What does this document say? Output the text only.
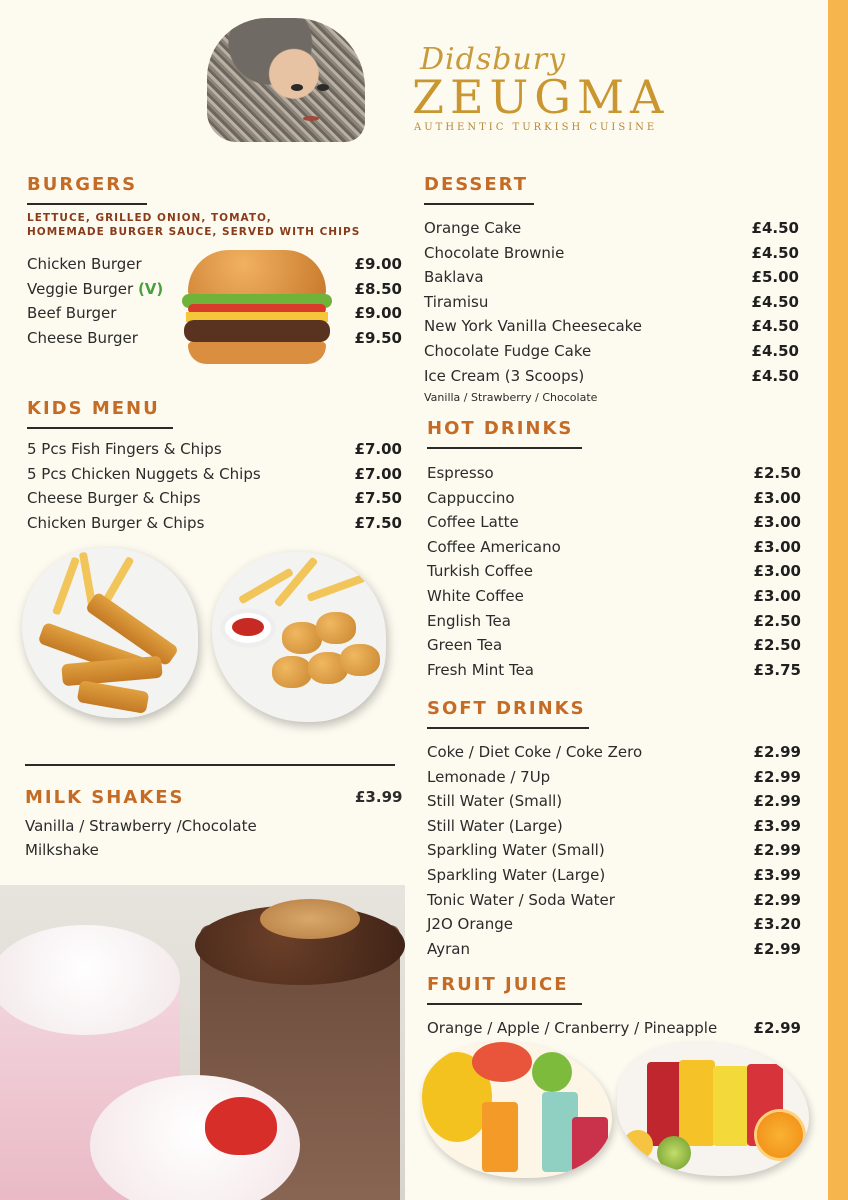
Didsbury
ZEUGMA
AUTHENTIC TURKISH CUISINE
BURGERS
LETTUCE, GRILLED ONION, TOMATO,
HOMEMADE BURGER SAUCE, SERVED WITH CHIPS
Chicken Burger	£9.00
Veggie Burger (V)	£8.50
Beef Burger	£9.00
Cheese Burger	£9.50
KIDS MENU
5 Pcs Fish Fingers & Chips	£7.00
5 Pcs Chicken Nuggets & Chips	£7.00
Cheese Burger & Chips	£7.50
Chicken Burger & Chips	£7.50
MILK SHAKES	£3.99
Vanilla / Strawberry /Chocolate
Milkshake
DESSERT
Orange Cake	£4.50
Chocolate Brownie	£4.50
Baklava	£5.00
Tiramisu	£4.50
New York Vanilla Cheesecake	£4.50
Chocolate Fudge Cake	£4.50
Ice Cream (3 Scoops)	£4.50
Vanilla / Strawberry / Chocolate
HOT DRINKS
Espresso	£2.50
Cappuccino	£3.00
Coffee Latte	£3.00
Coffee Americano	£3.00
Turkish Coffee	£3.00
White Coffee	£3.00
English Tea	£2.50
Green Tea	£2.50
Fresh Mint Tea	£3.75
SOFT DRINKS
Coke / Diet Coke / Coke Zero	£2.99
Lemonade / 7Up	£2.99
Still Water (Small)	£2.99
Still Water (Large)	£3.99
Sparkling Water (Small)	£2.99
Sparkling Water (Large)	£3.99
Tonic Water / Soda Water	£2.99
J2O Orange	£3.20
Ayran	£2.99
FRUIT JUICE
Orange / Apple / Cranberry / Pineapple £2.99
